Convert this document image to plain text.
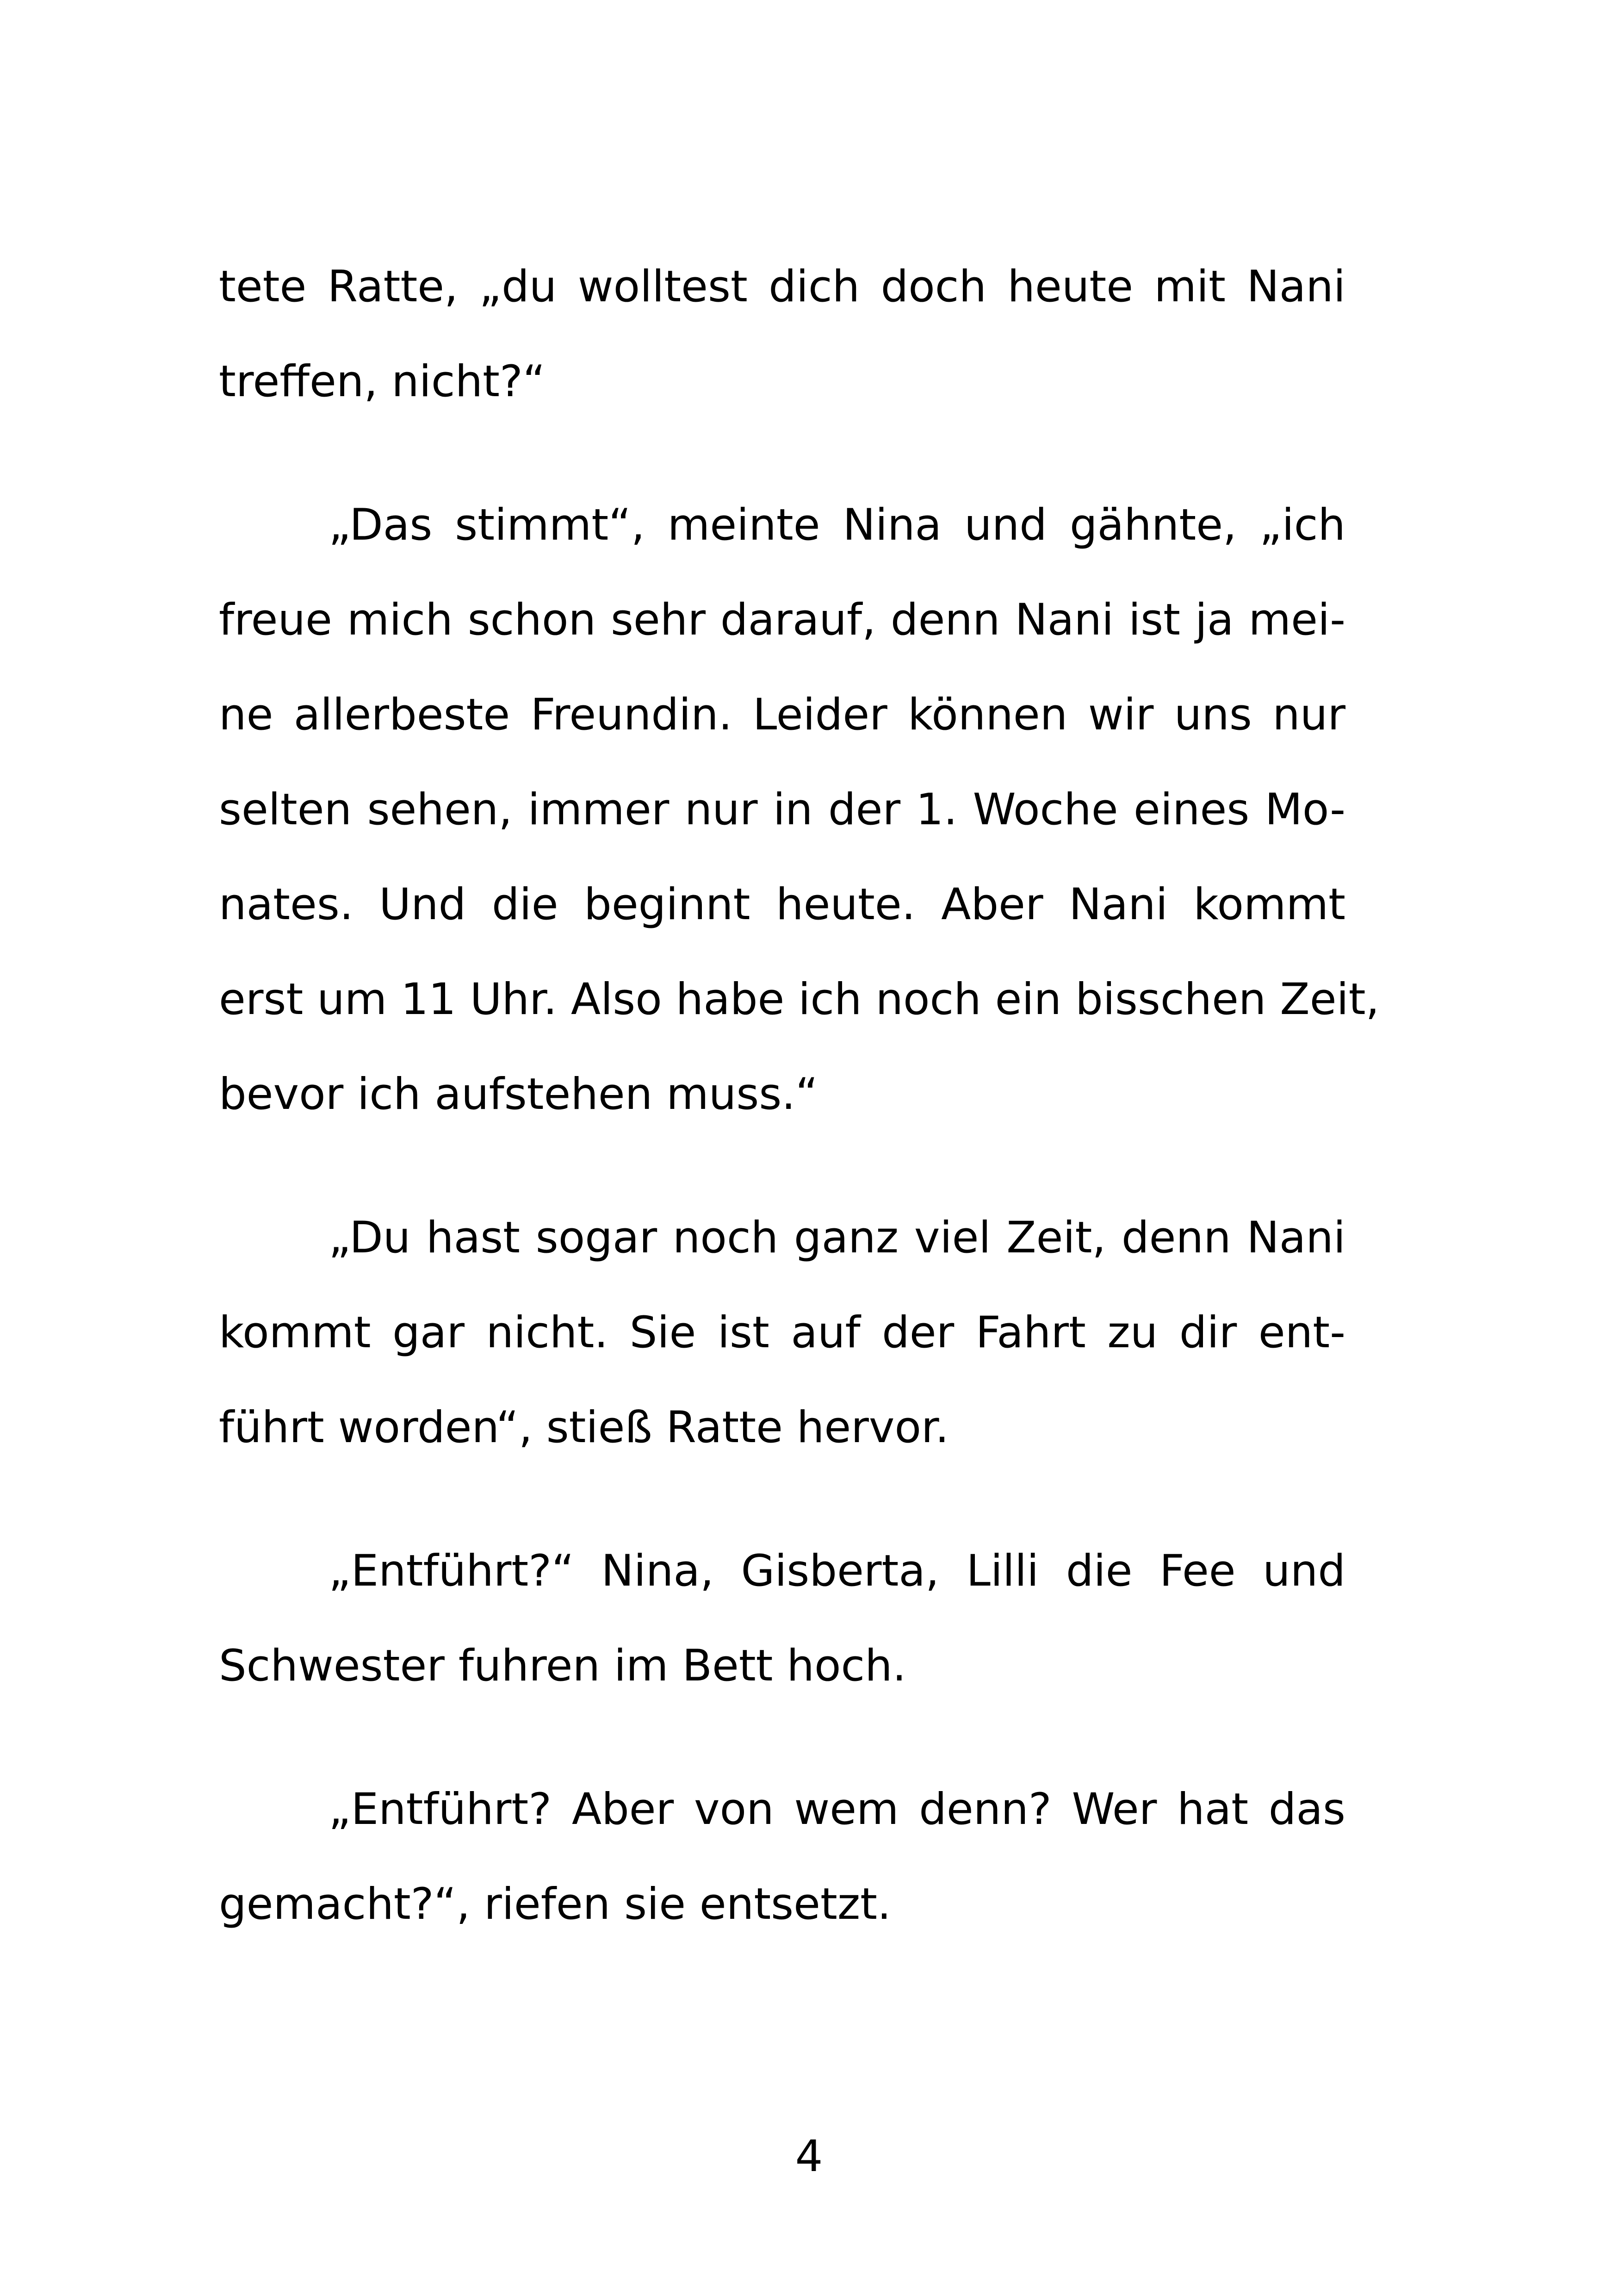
tete Ratte, „du wolltest dich doch heute mit Nani
treffen, nicht?“
„Das stimmt“, meinte Nina und gähnte, „ich
freue mich schon sehr darauf, denn Nani ist ja mei-
ne allerbeste Freundin. Leider können wir uns nur
selten sehen, immer nur in der 1. Woche eines Mo-
nates. Und die beginnt heute. Aber Nani kommt
erst um 11 Uhr. Also habe ich noch ein bisschen Zeit,
bevor ich aufstehen muss.“
„Du hast sogar noch ganz viel Zeit, denn Nani
kommt gar nicht. Sie ist auf der Fahrt zu dir ent-
führt worden“, stieß Ratte hervor.
„Entführt?“ Nina, Gisberta, Lilli die Fee und
Schwester fuhren im Bett hoch.
„Entführt? Aber von wem denn? Wer hat das
gemacht?“, riefen sie entsetzt.
4
